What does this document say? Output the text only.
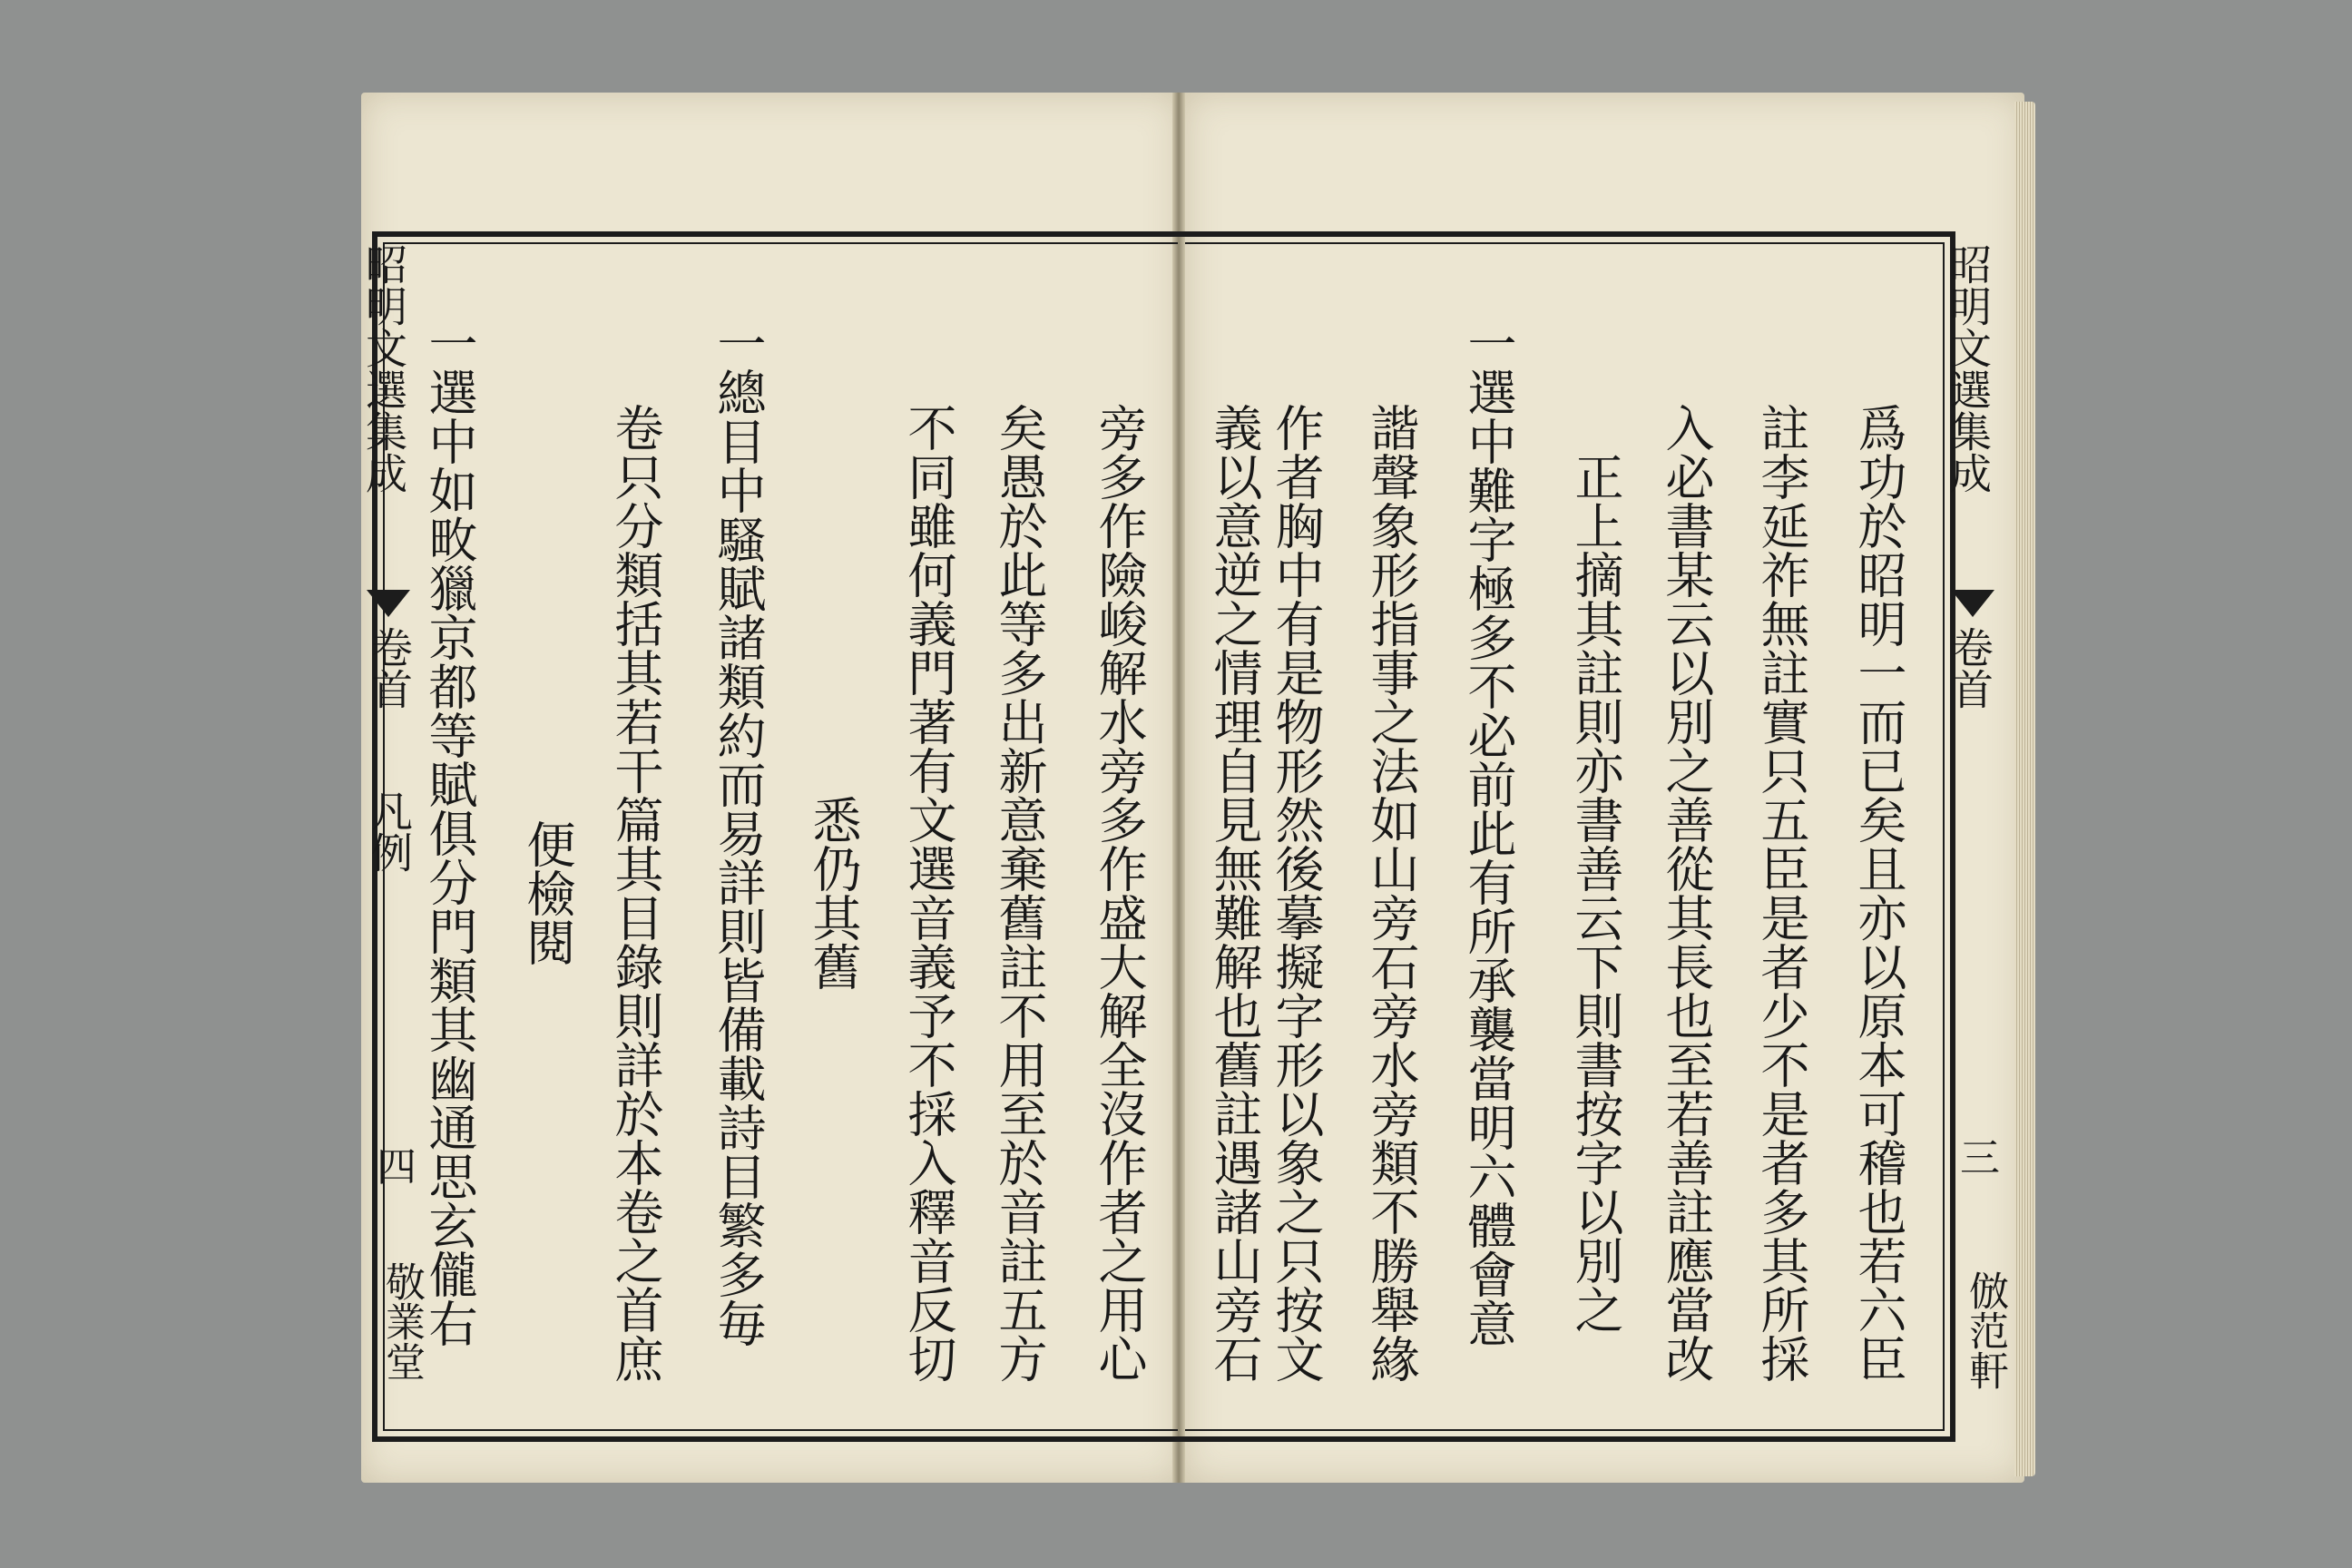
昭明文選集成
卷首
凡例
四
敬業堂
一選中如畋獵京都等賦俱分門類其幽通思玄儱右 便檢閱 卷只分類括其若干篇其目錄則詳於本卷之首庶 一總目中騷賦諸類約而易詳則皆備載詩目繁多毎 悉仍其舊 不同雖何義門著有文選音義予不採入釋音反切 矣愚於此等多出新意棄舊註不用至於音註五方 旁多作險峻解水旁多作盛大解全沒作者之用心 義以意逆之情理自見無難解也舊註遇諸山旁石 作者胸中有是物形然後摹擬字形以象之只按文 諧聲象形指事之法如山旁石旁水旁類不勝舉緣 一選中難字極多不必前此有所承襲當明六體會意 正上摘其註則亦書善云下則書按字以別之 入必書某云以別之善從其長也至若善註應當改 註李延祚無註實只五臣是者少不是者多其所採 爲功於昭明一而已矣且亦以原本可稽也若六臣
昭明文選集成
卷首
三
倣范軒
